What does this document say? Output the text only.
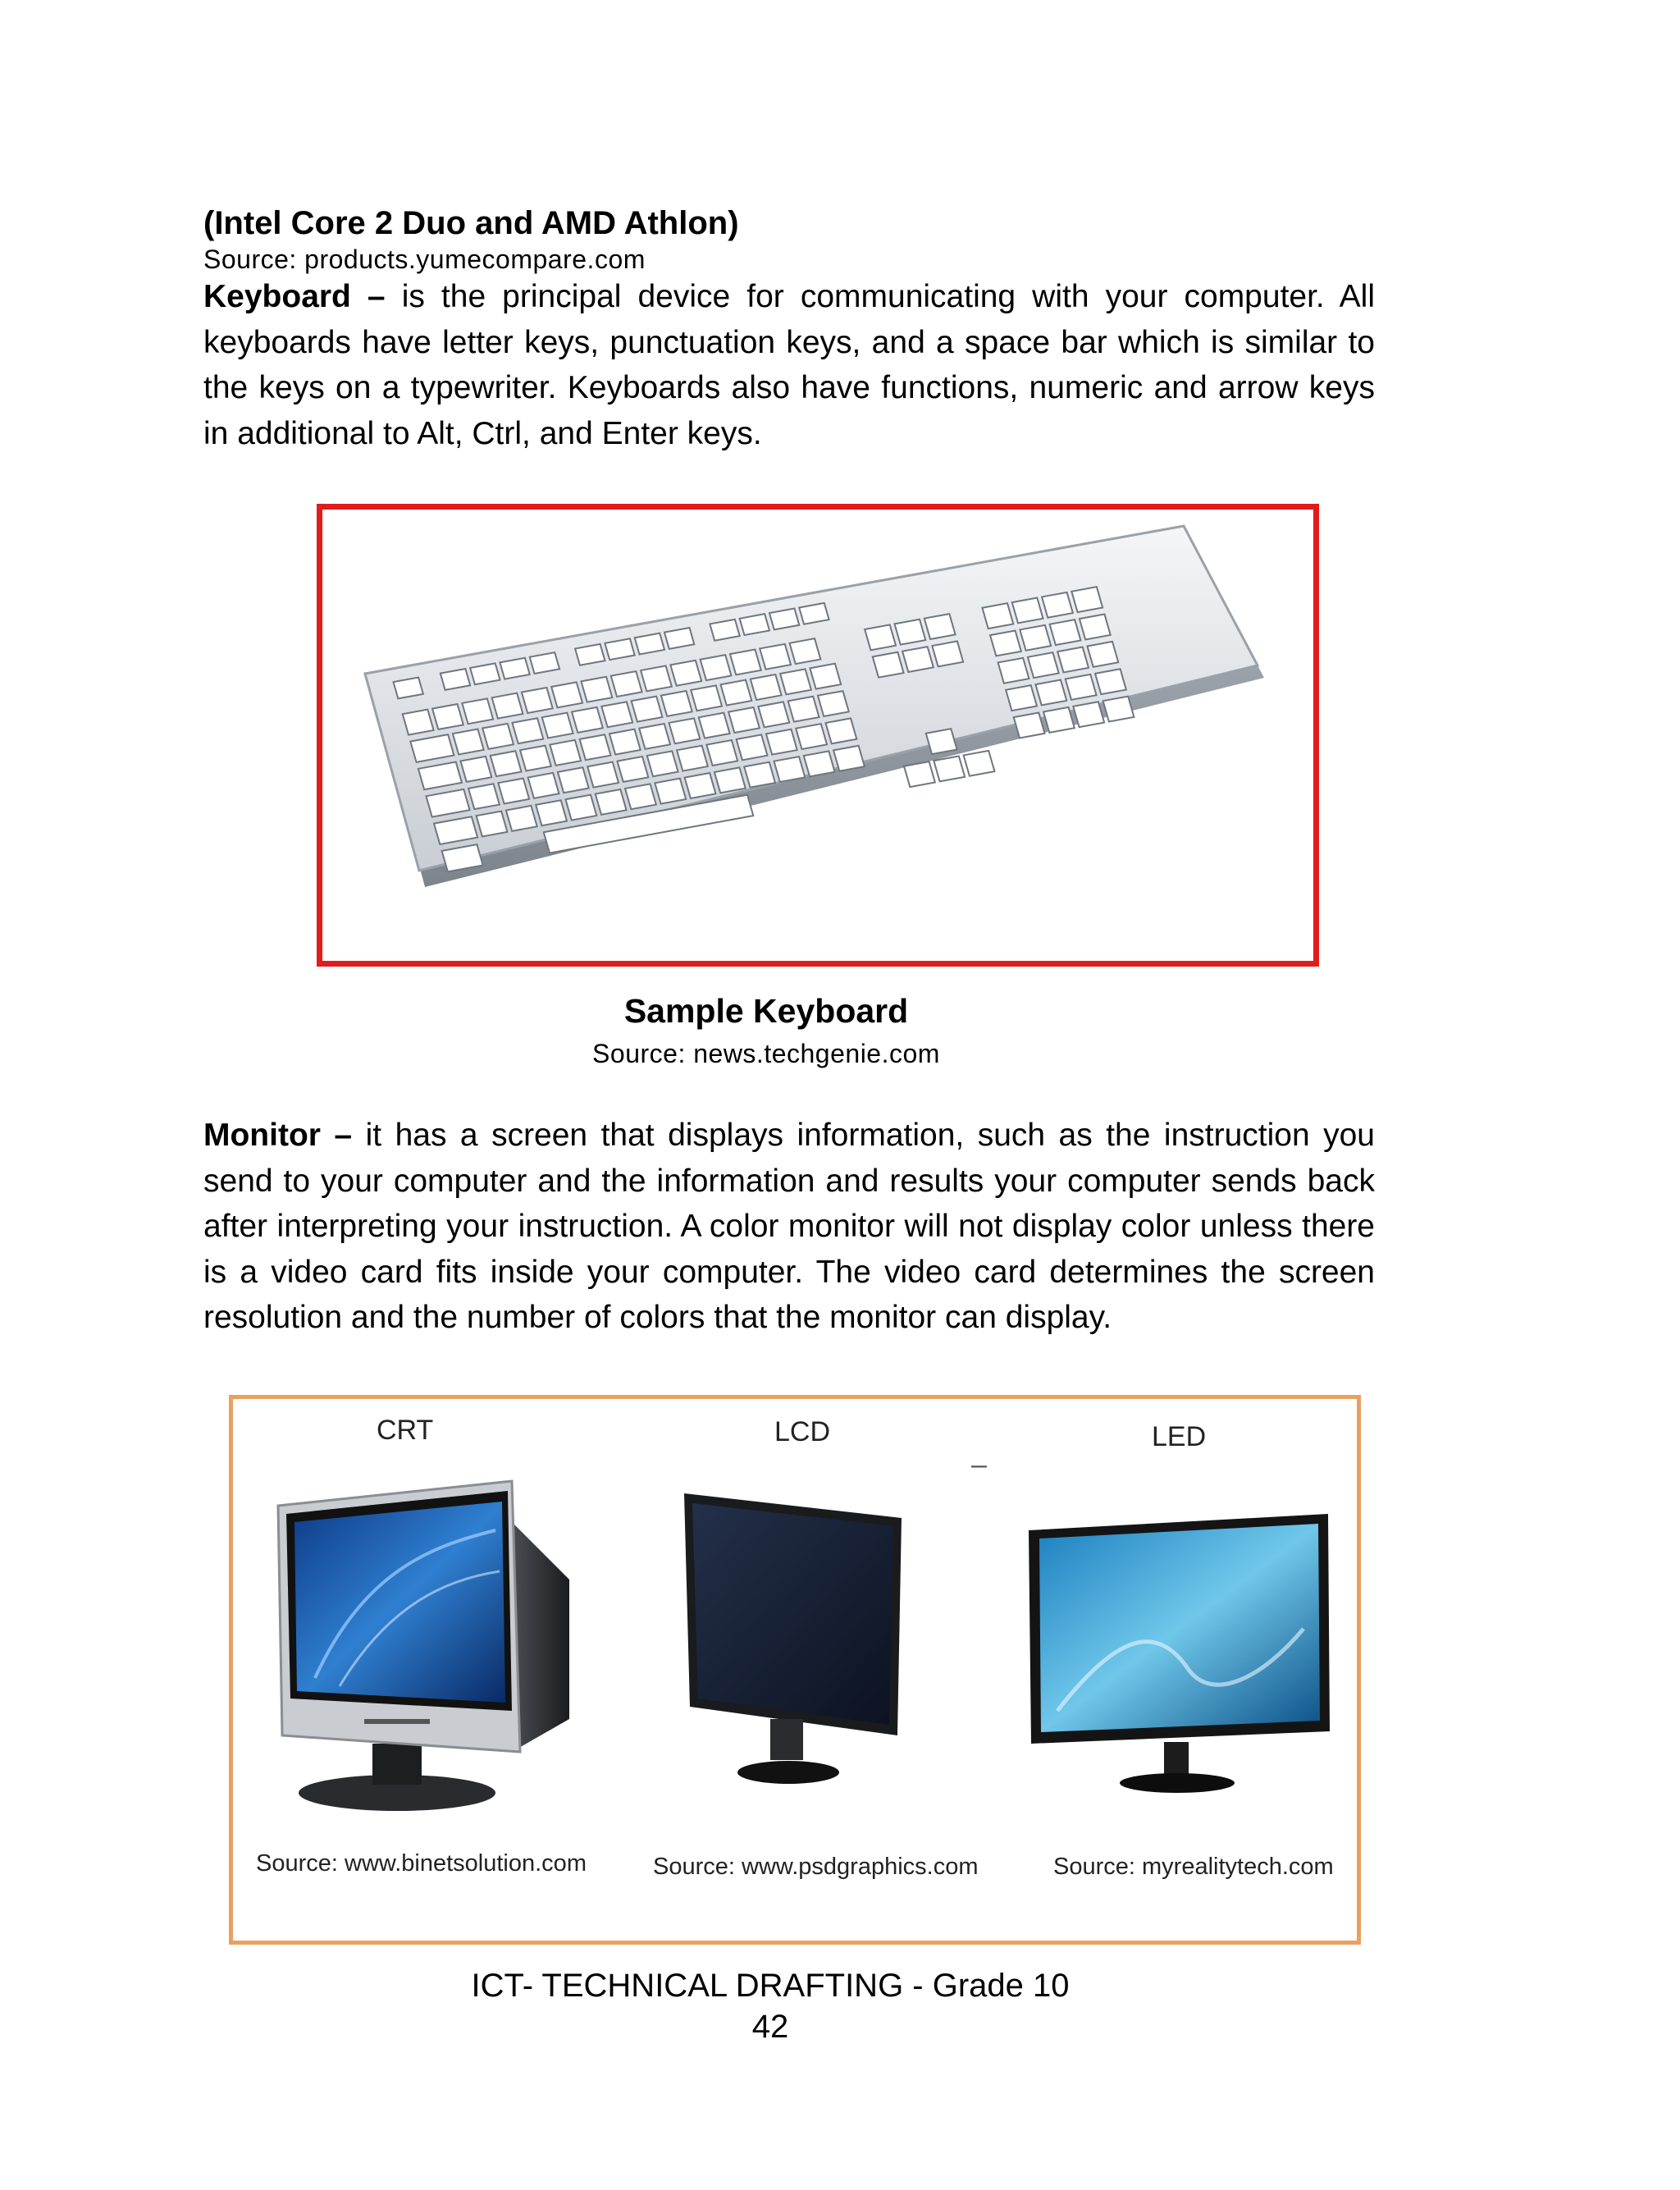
(Intel Core 2 Duo and AMD Athlon)
Source: products.yumecompare.com

Keyboard – is the principal device for communicating with your computer. All keyboards have letter keys, punctuation keys, and a space bar which is similar to the keys on a typewriter. Keyboards also have functions, numeric and arrow keys in additional to Alt, Ctrl, and Enter keys.

Sample Keyboard
Source: news.techgenie.com

Monitor – it has a screen that displays information, such as the instruction you send to your computer and the information and results your computer sends back after interpreting your instruction. A color monitor will not display color unless there is a video card fits inside your computer. The video card determines the screen resolution and the number of colors that the monitor can display.

CRT	LCD	LED
–
Source: www.binetsolution.com	Source: www.psdgraphics.com	Source: myrealitytech.com
ICT- TECHNICAL DRAFTING - Grade 10
42
